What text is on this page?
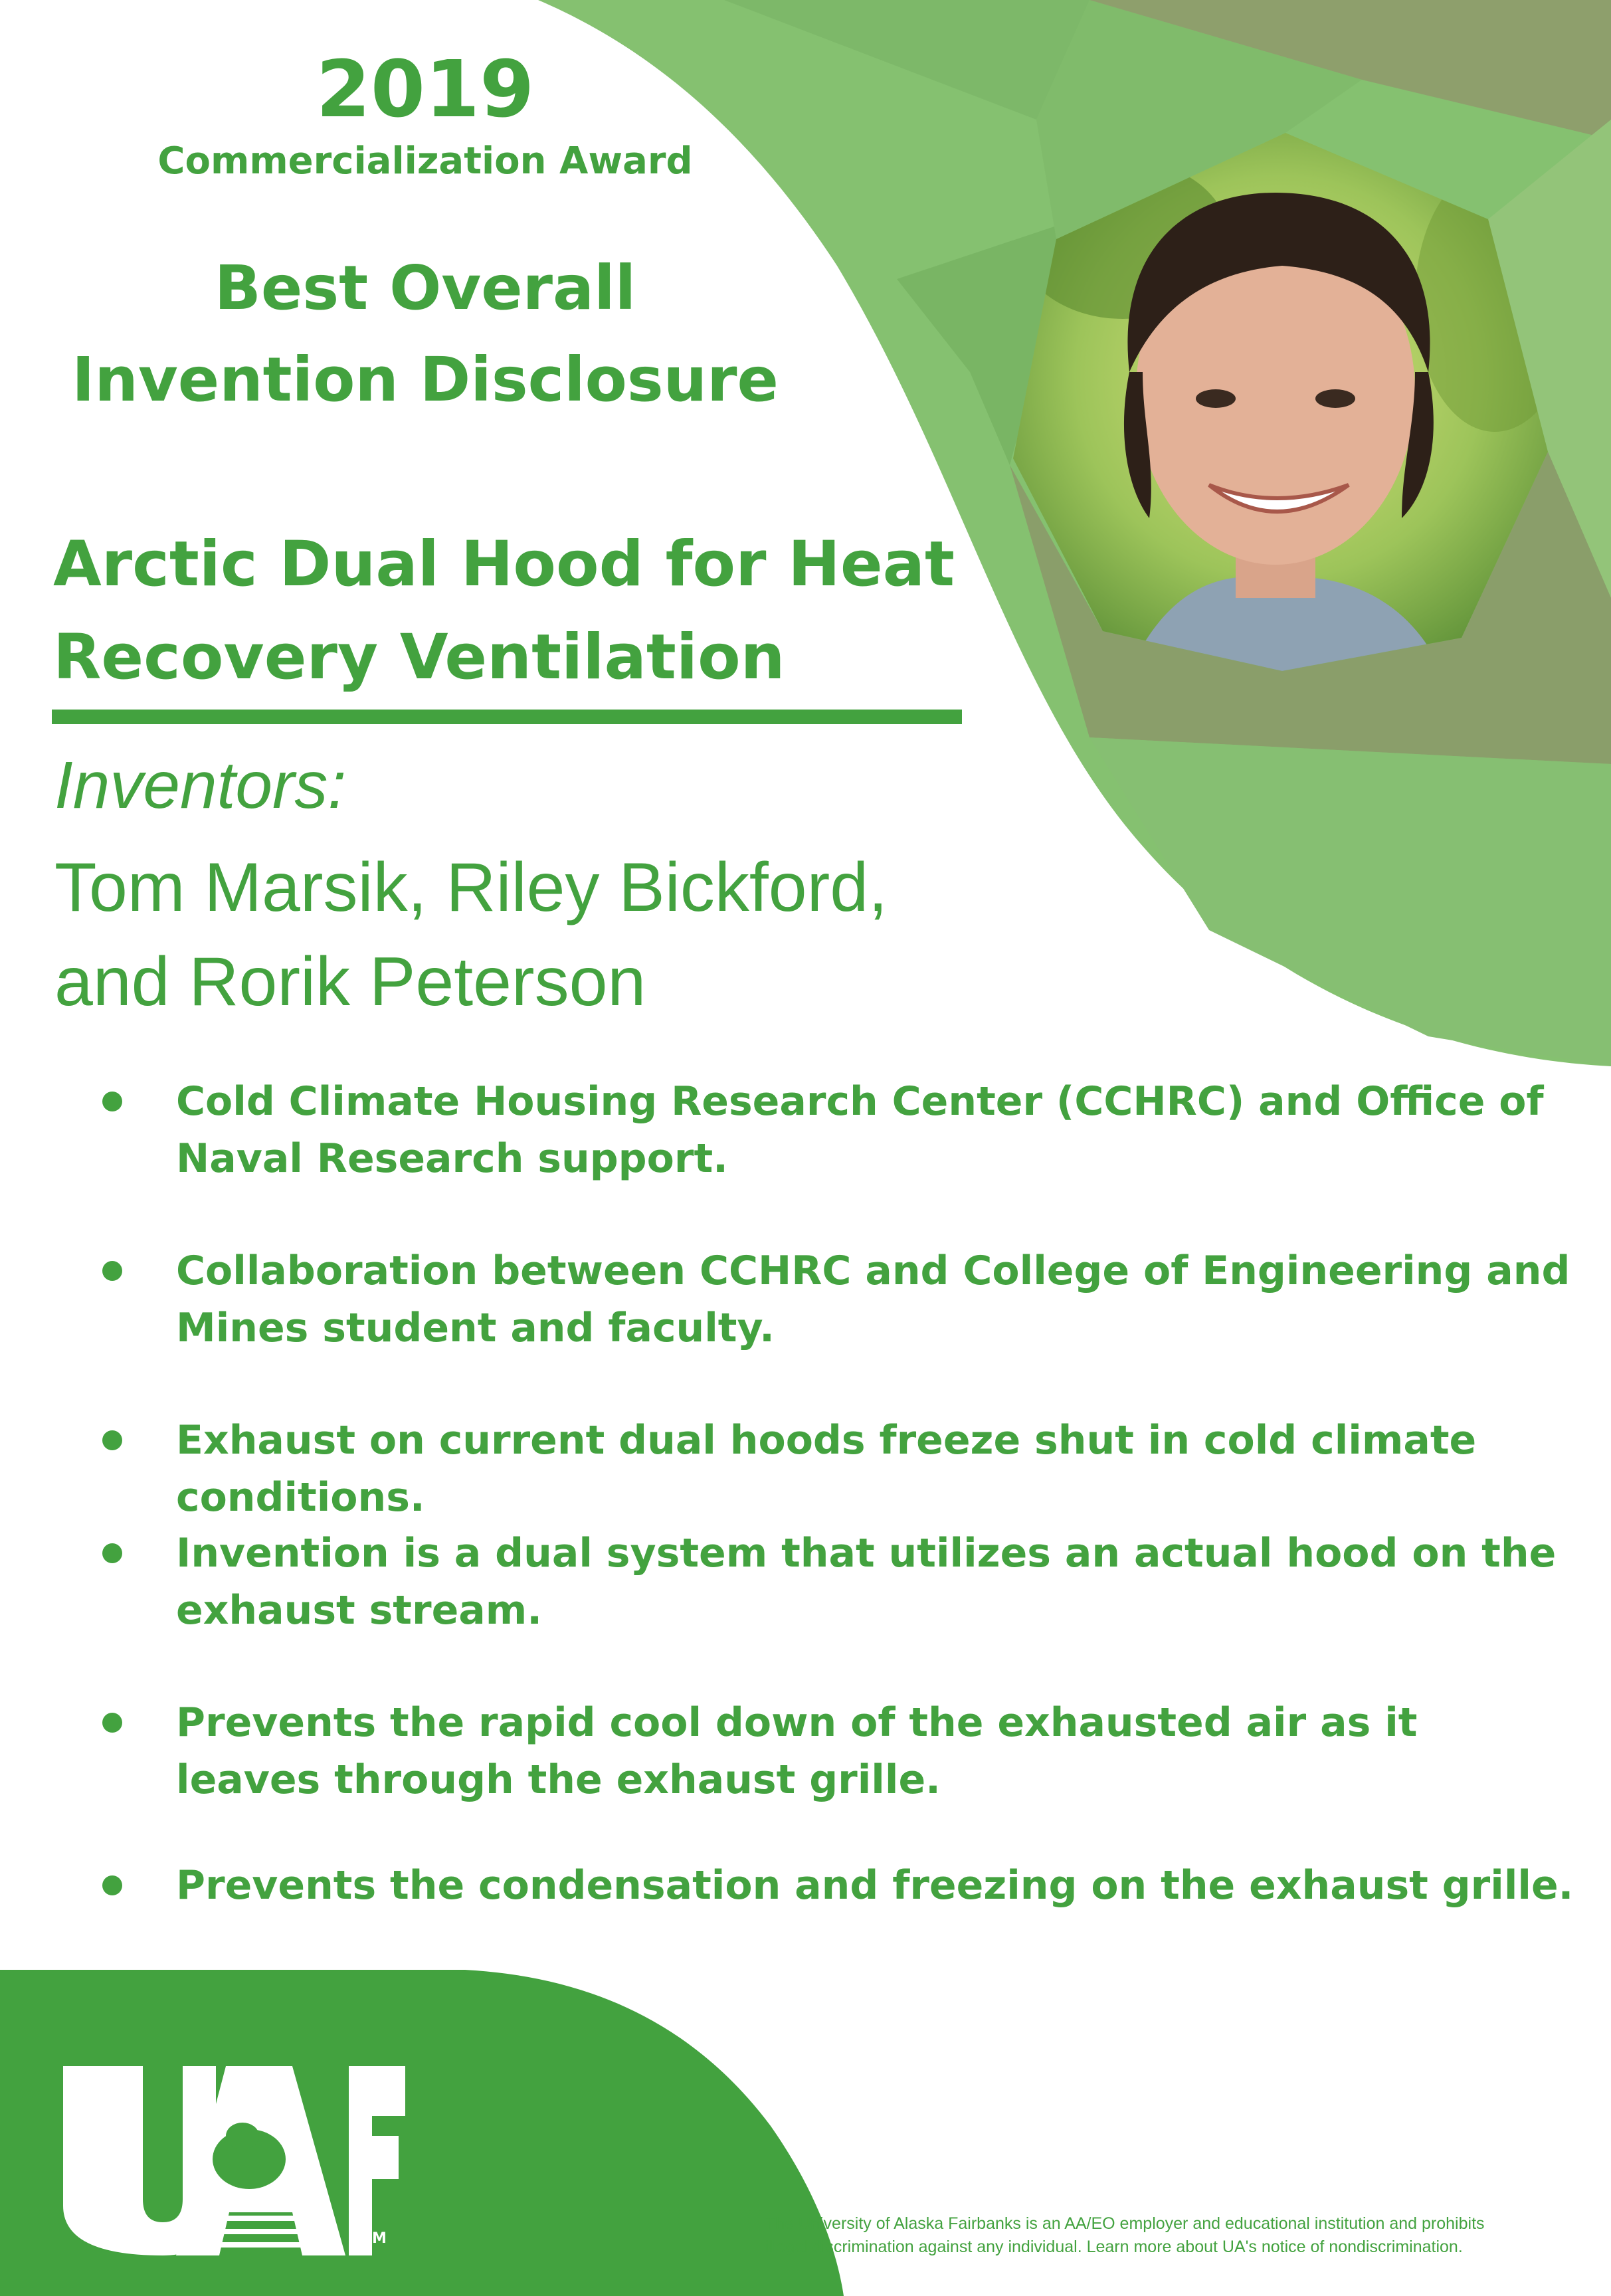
2019
Commercialization Award
Best Overall
Invention Disclosure
Arctic Dual Hood for Heat
Recovery Ventilation
Inventors:
Tom Marsik, Riley Bickford,
and Rorik Peterson
Cold Climate Housing Research Center (CCHRC) and Office of Naval Research support.
Collaboration between CCHRC and College of Engineering and Mines student and faculty.
Exhaust on current dual hoods freeze shut in cold climate conditions.
Invention is a dual system that utilizes an actual hood on the exhaust stream.
Prevents the rapid cool down of the exhausted air as it leaves through the exhaust grille.
Prevents the condensation and freezing on the exhaust grille.
TM
The University of Alaska Fairbanks is an AA/EO employer and educational institution and prohibits
illegal discrimination against any individual. Learn more about UA's notice of nondiscrimination.
